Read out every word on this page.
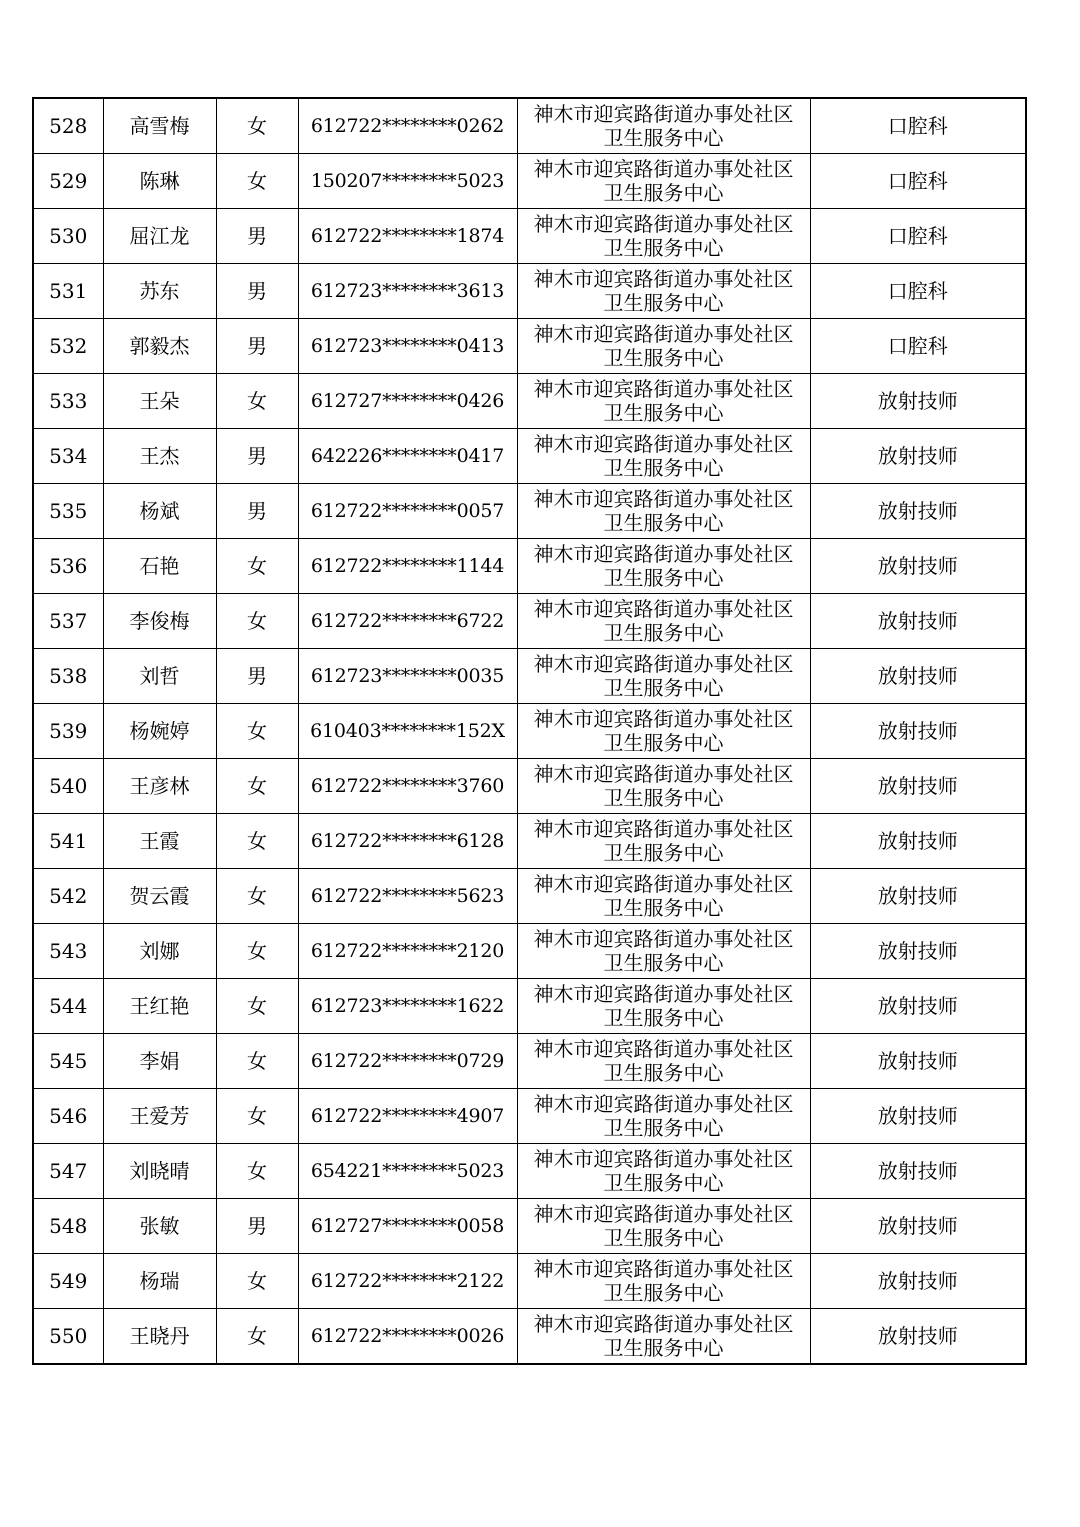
528	高雪梅	女	612722********0262	神木市迎宾路街道办事处社区
卫生服务中心	口腔科
529	陈琳	女	150207********5023	神木市迎宾路街道办事处社区
卫生服务中心	口腔科
530	屈江龙	男	612722********1874	神木市迎宾路街道办事处社区
卫生服务中心	口腔科
531	苏东	男	612723********3613	神木市迎宾路街道办事处社区
卫生服务中心	口腔科
532	郭毅杰	男	612723********0413	神木市迎宾路街道办事处社区
卫生服务中心	口腔科
533	王朵	女	612727********0426	神木市迎宾路街道办事处社区
卫生服务中心	放射技师
534	王杰	男	642226********0417	神木市迎宾路街道办事处社区
卫生服务中心	放射技师
535	杨斌	男	612722********0057	神木市迎宾路街道办事处社区
卫生服务中心	放射技师
536	石艳	女	612722********1144	神木市迎宾路街道办事处社区
卫生服务中心	放射技师
537	李俊梅	女	612722********6722	神木市迎宾路街道办事处社区
卫生服务中心	放射技师
538	刘哲	男	612723********0035	神木市迎宾路街道办事处社区
卫生服务中心	放射技师
539	杨婉婷	女	610403********152X	神木市迎宾路街道办事处社区
卫生服务中心	放射技师
540	王彦林	女	612722********3760	神木市迎宾路街道办事处社区
卫生服务中心	放射技师
541	王霞	女	612722********6128	神木市迎宾路街道办事处社区
卫生服务中心	放射技师
542	贺云霞	女	612722********5623	神木市迎宾路街道办事处社区
卫生服务中心	放射技师
543	刘娜	女	612722********2120	神木市迎宾路街道办事处社区
卫生服务中心	放射技师
544	王红艳	女	612723********1622	神木市迎宾路街道办事处社区
卫生服务中心	放射技师
545	李娟	女	612722********0729	神木市迎宾路街道办事处社区
卫生服务中心	放射技师
546	王爱芳	女	612722********4907	神木市迎宾路街道办事处社区
卫生服务中心	放射技师
547	刘晓晴	女	654221********5023	神木市迎宾路街道办事处社区
卫生服务中心	放射技师
548	张敏	男	612727********0058	神木市迎宾路街道办事处社区
卫生服务中心	放射技师
549	杨瑞	女	612722********2122	神木市迎宾路街道办事处社区
卫生服务中心	放射技师
550	王晓丹	女	612722********0026	神木市迎宾路街道办事处社区
卫生服务中心	放射技师
